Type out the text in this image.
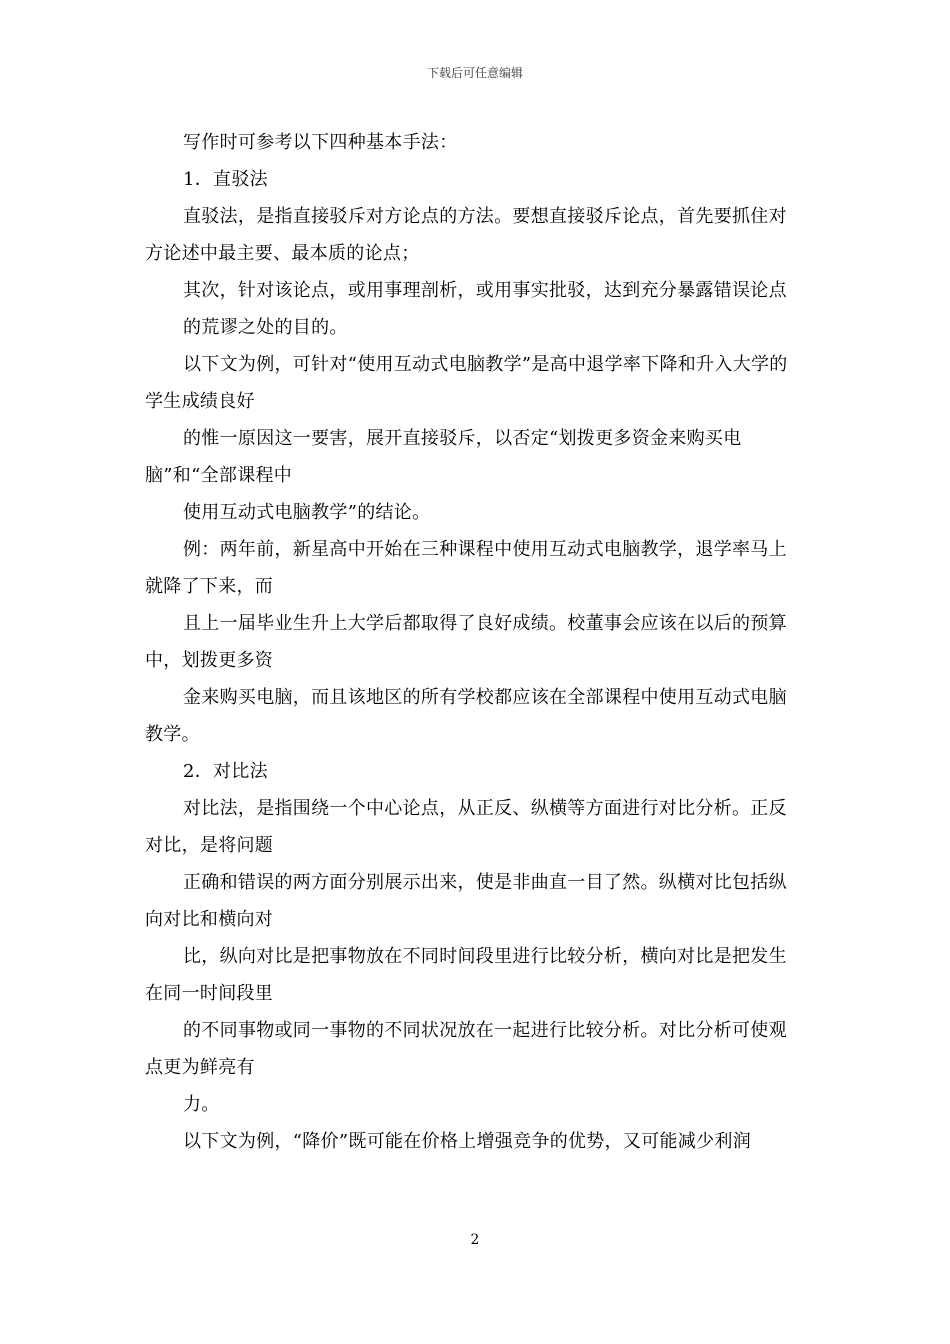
下载后可任意编辑

写作时可参考以下四种基本手法：

1．直驳法

直驳法，是指直接驳斥对方论点的方法。要想直接驳斥论点，首先要抓住对方论述中最主要、最本质的论点；

其次，针对该论点，或用事理剖析，或用事实批驳，达到充分暴露错误论点

的荒谬之处的目的。

以下文为例，可针对“使用互动式电脑教学”是高中退学率下降和升入大学的学生成绩良好

的惟一原因这一要害，展开直接驳斥，以否定“划拨更多资金来购买电脑”和“全部课程中

使用互动式电脑教学”的结论。

例：两年前，新星高中开始在三种课程中使用互动式电脑教学，退学率马上就降了下来，而

且上一届毕业生升上大学后都取得了良好成绩。校董事会应该在以后的预算中，划拨更多资

金来购买电脑，而且该地区的所有学校都应该在全部课程中使用互动式电脑教学。

2．对比法

对比法，是指围绕一个中心论点，从正反、纵横等方面进行对比分析。正反对比，是将问题

正确和错误的两方面分别展示出来，使是非曲直一目了然。纵横对比包括纵向对比和横向对

比，纵向对比是把事物放在不同时间段里进行比较分析，横向对比是把发生在同一时间段里

的不同事物或同一事物的不同状况放在一起进行比较分析。对比分析可使观点更为鲜亮有

力。

以下文为例，“降价”既可能在价格上增强竞争的优势，又可能减少利润

2
